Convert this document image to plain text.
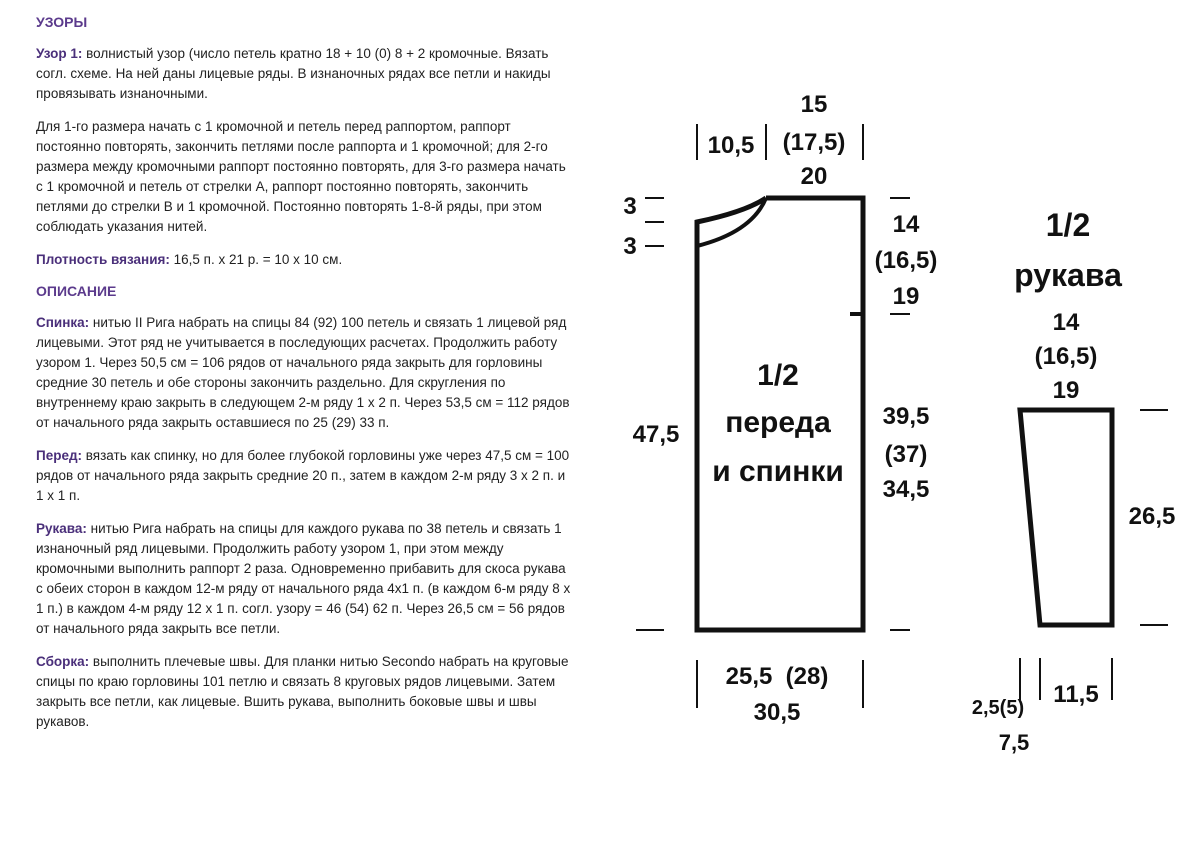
УЗОРЫ

Узор 1: волнистый узор (число петель кратно 18 + 10 (0) 8 + 2 кромочные. Вязать согл. схеме. На ней даны лицевые ряды. В изнаночных рядах все петли и накиды провязывать изнаночными.

Для 1-го размера начать с 1 кромочной и петель перед раппортом, раппорт постоянно повторять, закончить петлями после раппорта и 1 кромочной; для 2-го размера между кромочными раппорт постоянно повторять, для 3-го размера начать с 1 кромочной и петель от стрелки А, раппорт постоянно повторять, закончить петлями до стрелки В и 1 кромочной. Постоянно повторять 1-8-й ряды, при этом соблюдать указания нитей.

Плотность вязания: 16,5 п. х 21 р. = 10 х 10 см.

ОПИСАНИЕ

Спинка: нитью II Рига набрать на спицы 84 (92) 100 петель и связать 1 лицевой ряд лицевыми. Этот ряд не учитывается в последующих расчетах. Продолжить работу узором 1. Через 50,5 см = 106 рядов от начального ряда закрыть для горловины средние 30 петель и обе стороны закончить раздельно. Для скругления по внутреннему краю закрыть в следующем 2-м ряду 1 х 2 п. Через 53,5 см = 112 рядов от начального ряда закрыть оставшиеся по 25 (29) 33 п.

Перед: вязать как спинку, но для более глубокой горловины уже через 47,5 см = 100 рядов от начального ряда закрыть средние 20 п., затем в каждом 2-м ряду 3 х 2 п. и 1 х 1 п.

Рукава: нитью Рига набрать на спицы для каждого рукава по 38 петель и связать 1 изнаночный ряд лицевыми. Продолжить работу узором 1, при этом между кромочными выполнить раппорт 2 раза. Одновременно прибавить для скоса рукава с обеих сторон в каждом 12-м ряду от начального ряда 4х1 п. (в каждом 6-м ряду 8 х 1 п.) в каждом 4-м ряду 12 х 1 п. согл. узору = 46 (54) 62 п. Через 26,5 см = 56 рядов от начального ряда закрыть все петли.

Сборка: выполнить плечевые швы. Для планки нитью Secondo набрать на круговые спицы по краю горловины 101 петлю и связать 8 круговых рядов лицевыми. Затем закрыть все петли, как лицевые. Вшить рукава, выполнить боковые швы и швы рукавов.

10,5
15
(17,5)
20
3
3
14
(16,5)
19
1/2
переда
и спинки
47,5
39,5
(37)
34,5
25,5  (28)
30,5
1/2
рукава
14
(16,5)
19
26,5
2,5(5)
7,5
11,5
